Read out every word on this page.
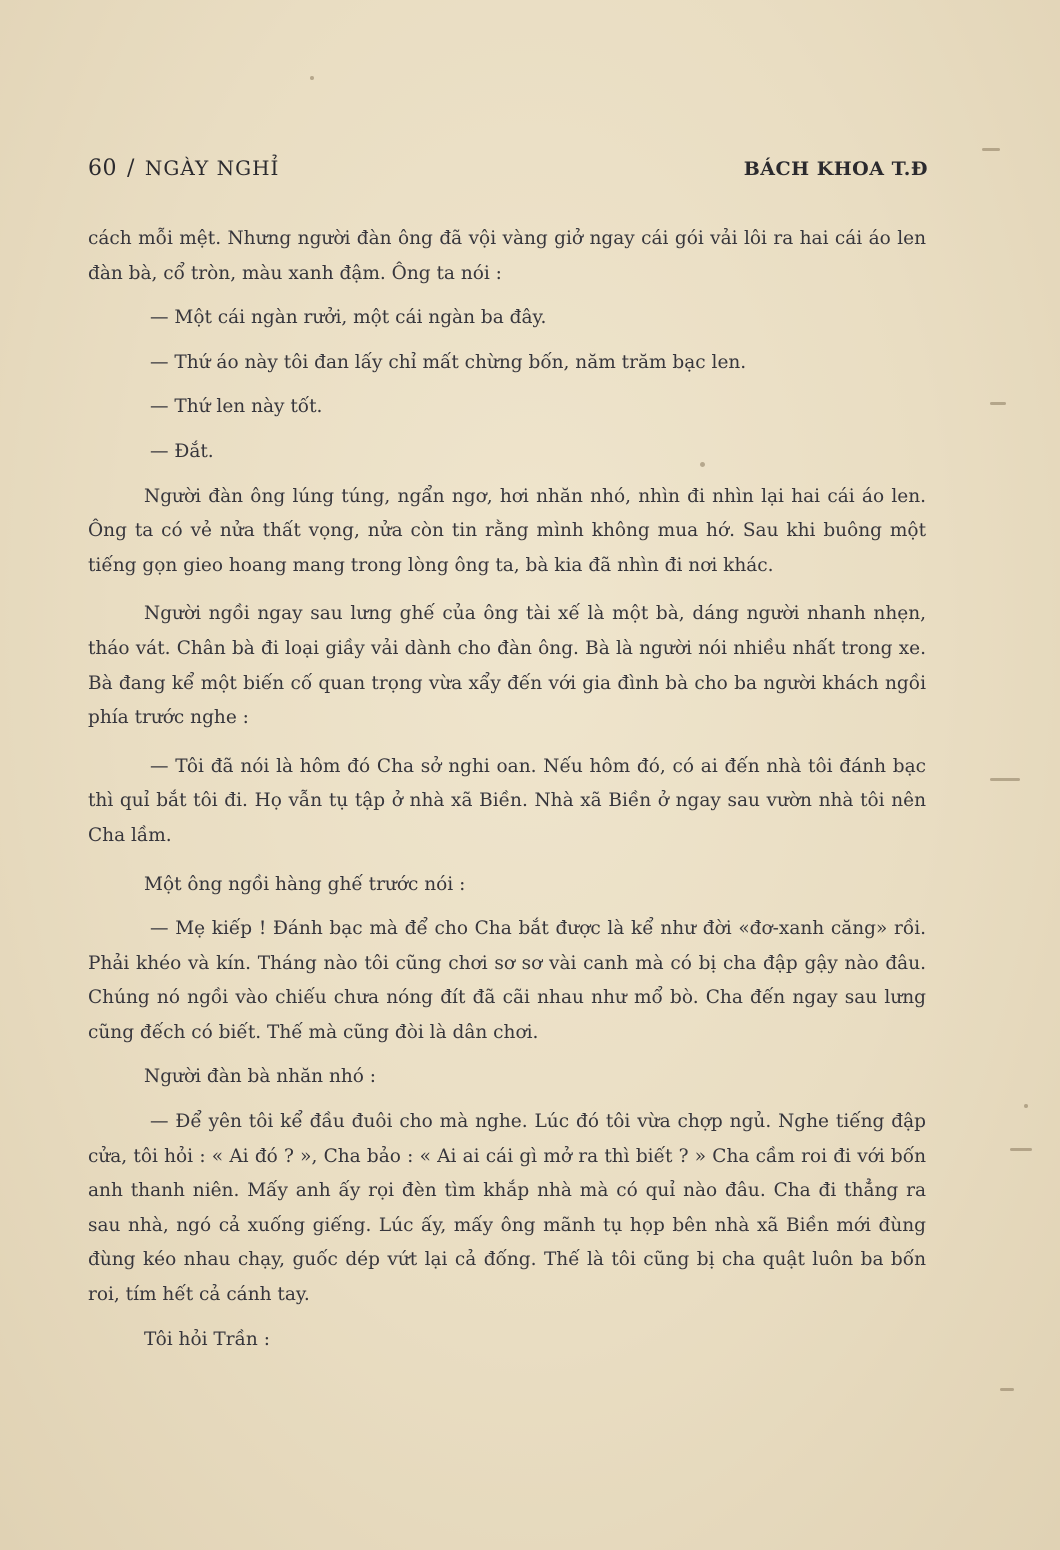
60 / NGÀY NGHỈ	BÁCH KHOA T.Đ

cách mỗi mệt. Nhưng người đàn ông đã vội vàng giở ngay cái gói vải lôi ra hai cái áo len đàn bà, cổ tròn, màu xanh đậm. Ông ta nói :

— Một cái ngàn rưởi, một cái ngàn ba đây.

— Thứ áo này tôi đan lấy chỉ mất chừng bốn, năm trăm bạc len.

— Thứ len này tốt.

— Đắt.

Người đàn ông lúng túng, ngẩn ngơ, hơi nhăn nhó, nhìn đi nhìn lại hai cái áo len. Ông ta có vẻ nửa thất vọng, nửa còn tin rằng mình không mua hớ. Sau khi buông một tiếng gọn gieo hoang mang trong lòng ông ta, bà kia đã nhìn đi nơi khác.

Người ngồi ngay sau lưng ghế của ông tài xế là một bà, dáng người nhanh nhẹn, tháo vát. Chân bà đi loại giầy vải dành cho đàn ông. Bà là người nói nhiều nhất trong xe. Bà đang kể một biến cố quan trọng vừa xẩy đến với gia đình bà cho ba người khách ngồi phía trước nghe :

— Tôi đã nói là hôm đó Cha sở nghi oan. Nếu hôm đó, có ai đến nhà tôi đánh bạc thì quỉ bắt tôi đi. Họ vẫn tụ tập ở nhà xã Biền. Nhà xã Biền ở ngay sau vườn nhà tôi nên Cha lầm.

Một ông ngồi hàng ghế trước nói :

— Mẹ kiếp ! Đánh bạc mà để cho Cha bắt được là kể như đời «đơ-xanh căng» rồi. Phải khéo và kín. Tháng nào tôi cũng chơi sơ sơ vài canh mà có bị cha đập gậy nào đâu. Chúng nó ngồi vào chiếu chưa nóng đít đã cãi nhau như mổ bò. Cha đến ngay sau lưng cũng đếch có biết. Thế mà cũng đòi là dân chơi.

Người đàn bà nhăn nhó :

— Để yên tôi kể đầu đuôi cho mà nghe. Lúc đó tôi vừa chợp ngủ. Nghe tiếng đập cửa, tôi hỏi : « Ai đó ? », Cha bảo : « Ai ai cái gì mở ra thì biết ? » Cha cầm roi đi với bốn anh thanh niên. Mấy anh ấy rọi đèn tìm khắp nhà mà có quỉ nào đâu. Cha đi thẳng ra sau nhà, ngó cả xuống giếng. Lúc ấy, mấy ông mãnh tụ họp bên nhà xã Biền mới đùng đùng kéo nhau chạy, guốc dép vứt lại cả đống. Thế là tôi cũng bị cha quật luôn ba bốn roi, tím hết cả cánh tay.

Tôi hỏi Trần :
